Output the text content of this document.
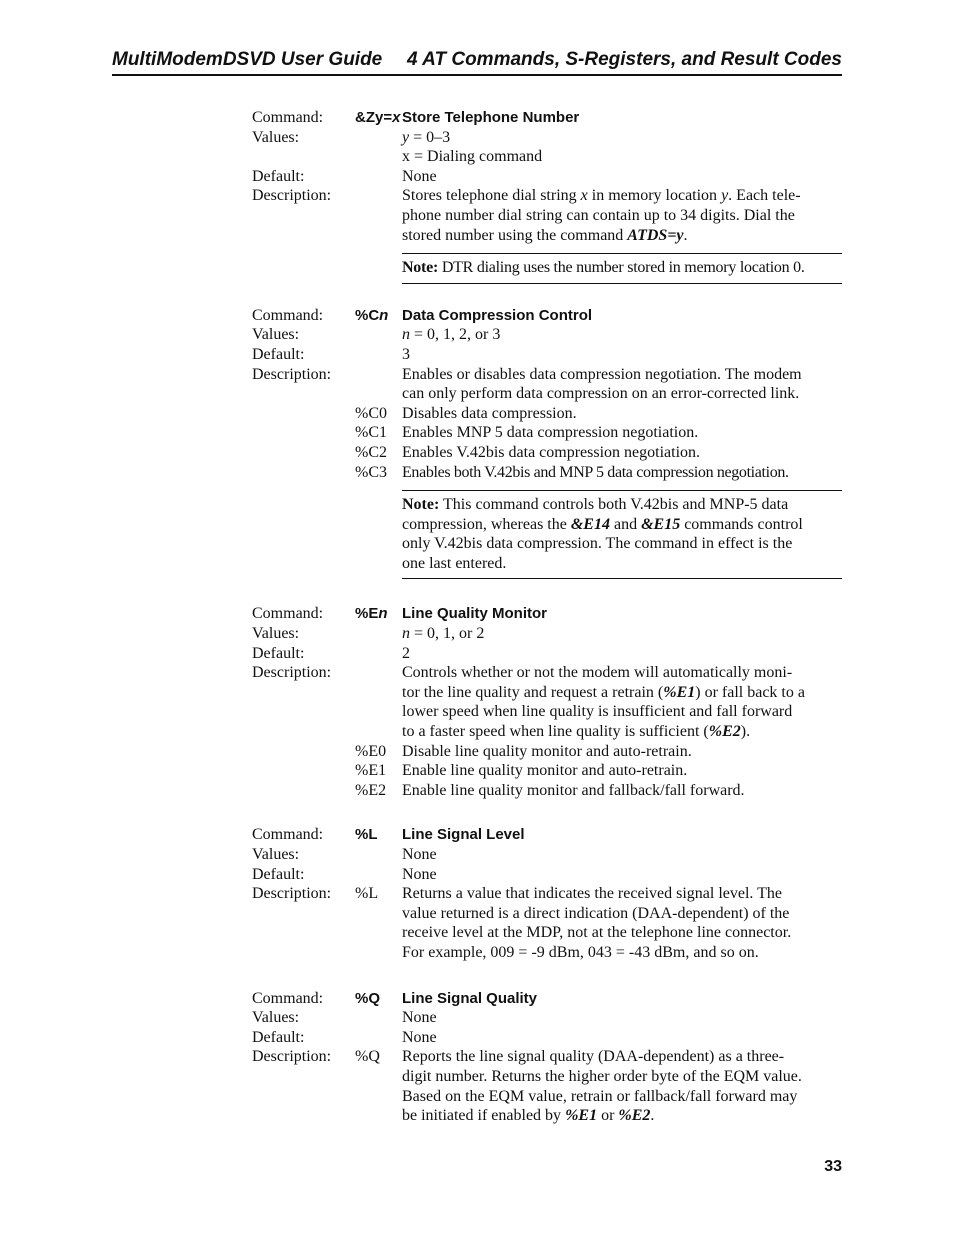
MultiModemDSVD User Guide 4 AT Commands, S-Registers, and Result Codes
Command:	&Zy=x Store Telephone Number
Values:	y = 0–3
x = Dialing command
Default:	None
Description:	Stores telephone dial string x in memory location y. Each tele-
phone number dial string can contain up to 34 digits. Dial the
stored number using the command ATDS=y.
Note: DTR dialing uses the number stored in memory location 0.
Command:	%Cn Data Compression Control
Values:	n = 0, 1, 2, or 3
Default:	3
Description:	Enables or disables data compression negotiation. The modem
can only perform data compression on an error-corrected link.
%C0 Disables data compression.
%C1 Enables MNP 5 data compression negotiation.
%C2 Enables V.42bis data compression negotiation.
%C3 Enables both V.42bis and MNP 5 data compression negotiation.
Note: This command controls both V.42bis and MNP-5 data
compression, whereas the &E14 and &E15 commands control
only V.42bis data compression. The command in effect is the
one last entered.
Command:	%En Line Quality Monitor
Values:	n = 0, 1, or 2
Default:	2
Description:	Controls whether or not the modem will automatically moni-
tor the line quality and request a retrain (%E1) or fall back to a
lower speed when line quality is insufficient and fall forward
to a faster speed when line quality is sufficient (%E2).
%E0 Disable line quality monitor and auto-retrain.
%E1 Enable line quality monitor and auto-retrain.
%E2 Enable line quality monitor and fallback/fall forward.
Command:	%L	Line Signal Level
Values:	None
Default:	None
Description:	%L	Returns a value that indicates the received signal level. The
value returned is a direct indication (DAA-dependent) of the
receive level at the MDP, not at the telephone line connector.
For example, 009 = -9 dBm, 043 = -43 dBm, and so on.
Command:	%Q	Line Signal Quality
Values:	None
Default:	None
Description:	%Q	Reports the line signal quality (DAA-dependent) as a three-
digit number. Returns the higher order byte of the EQM value.
Based on the EQM value, retrain or fallback/fall forward may
be initiated if enabled by %E1 or %E2.
33
